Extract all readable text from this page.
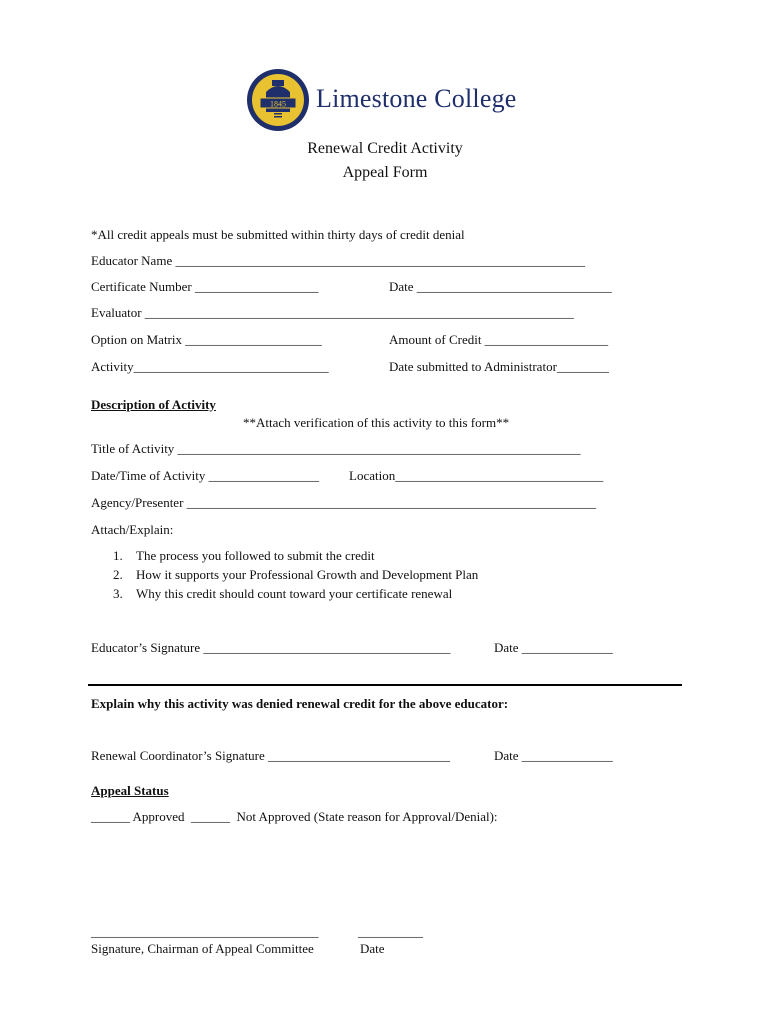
1845 Limestone College
Renewal Credit Activity
Appeal Form
*All credit appeals must be submitted within thirty days of credit denial
Educator Name _______________________________________________________________
Certificate Number ___________________	Date ______________________________
Evaluator __________________________________________________________________
Option on Matrix _____________________	Amount of Credit ___________________
Activity______________________________	Date submitted to Administrator________
Description of Activity
**Attach verification of this activity to this form**
Title of Activity ______________________________________________________________
Date/Time of Activity _________________ Location________________________________
Agency/Presenter _______________________________________________________________
Attach/Explain:
1. The process you followed to submit the credit
2. How it supports your Professional Growth and Development Plan
3. Why this credit should count toward your certificate renewal
Educator’s Signature ______________________________________	Date ______________
Explain why this activity was denied renewal credit for the above educator:
Renewal Coordinator’s Signature ____________________________	Date ______________
Appeal Status
______ Approved  ______  Not Approved (State reason for Approval/Denial):
___________________________________
Signature, Chairman of Appeal Committee
__________
Date
